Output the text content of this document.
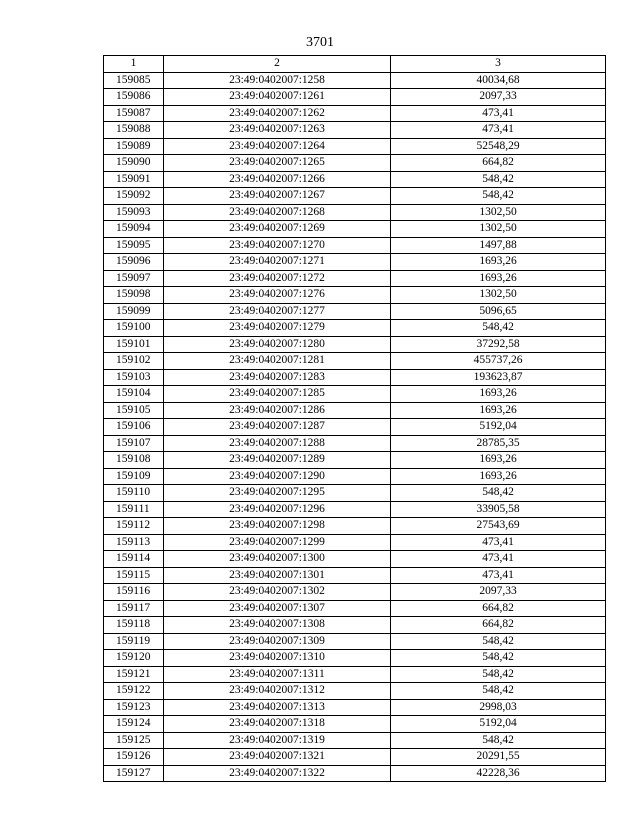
3701
1	2	3
159085	23:49:0402007:1258	40034,68
159086	23:49:0402007:1261	2097,33
159087	23:49:0402007:1262	473,41
159088	23:49:0402007:1263	473,41
159089	23:49:0402007:1264	52548,29
159090	23:49:0402007:1265	664,82
159091	23:49:0402007:1266	548,42
159092	23:49:0402007:1267	548,42
159093	23:49:0402007:1268	1302,50
159094	23:49:0402007:1269	1302,50
159095	23:49:0402007:1270	1497,88
159096	23:49:0402007:1271	1693,26
159097	23:49:0402007:1272	1693,26
159098	23:49:0402007:1276	1302,50
159099	23:49:0402007:1277	5096,65
159100	23:49:0402007:1279	548,42
159101	23:49:0402007:1280	37292,58
159102	23:49:0402007:1281	455737,26
159103	23:49:0402007:1283	193623,87
159104	23:49:0402007:1285	1693,26
159105	23:49:0402007:1286	1693,26
159106	23:49:0402007:1287	5192,04
159107	23:49:0402007:1288	28785,35
159108	23:49:0402007:1289	1693,26
159109	23:49:0402007:1290	1693,26
159110	23:49:0402007:1295	548,42
159111	23:49:0402007:1296	33905,58
159112	23:49:0402007:1298	27543,69
159113	23:49:0402007:1299	473,41
159114	23:49:0402007:1300	473,41
159115	23:49:0402007:1301	473,41
159116	23:49:0402007:1302	2097,33
159117	23:49:0402007:1307	664,82
159118	23:49:0402007:1308	664,82
159119	23:49:0402007:1309	548,42
159120	23:49:0402007:1310	548,42
159121	23:49:0402007:1311	548,42
159122	23:49:0402007:1312	548,42
159123	23:49:0402007:1313	2998,03
159124	23:49:0402007:1318	5192,04
159125	23:49:0402007:1319	548,42
159126	23:49:0402007:1321	20291,55
159127	23:49:0402007:1322	42228,36
